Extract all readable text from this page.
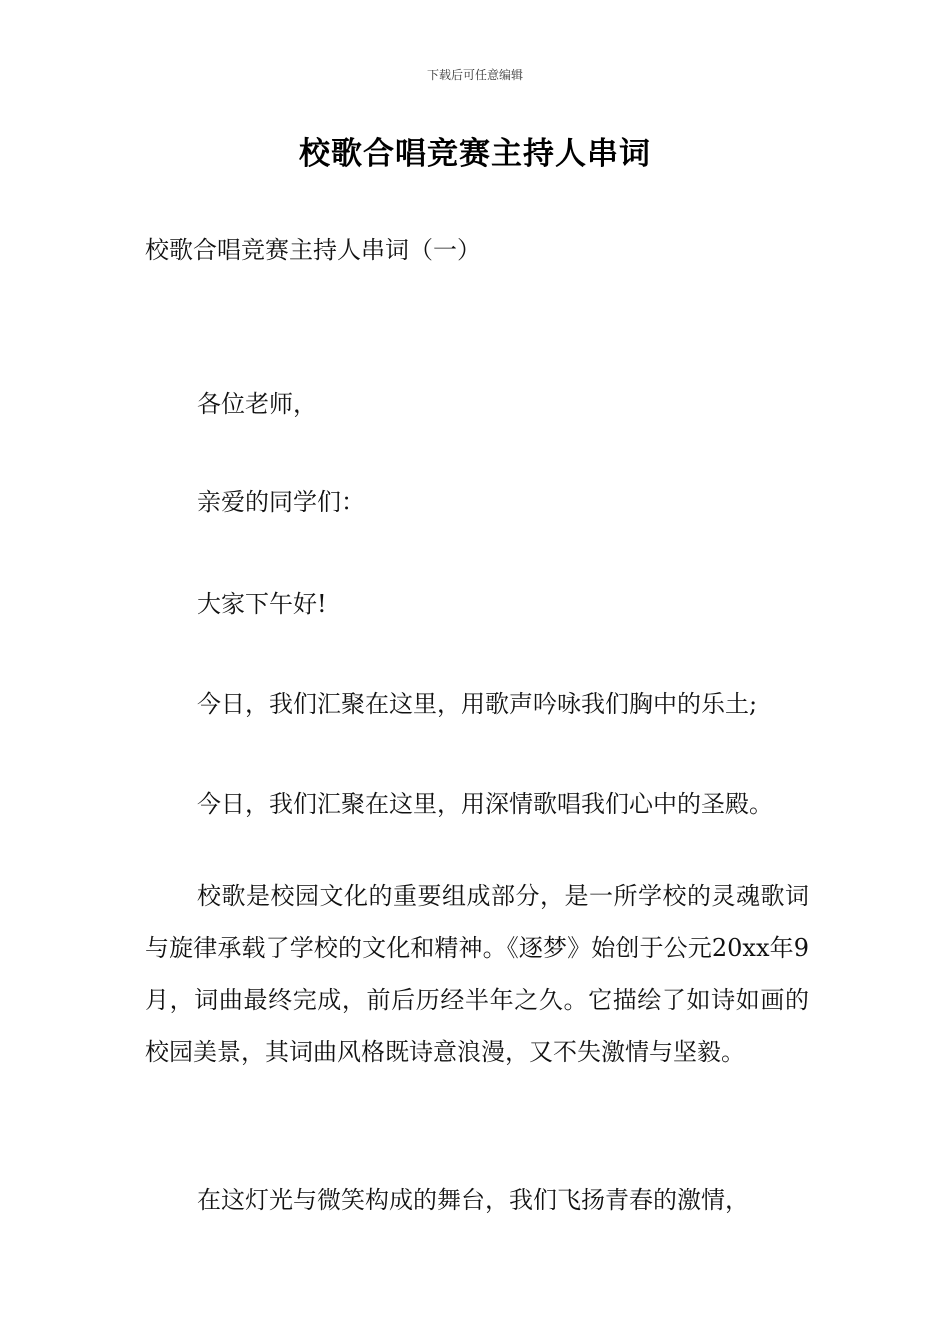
下载后可任意编辑
校歌合唱竞赛主持人串词
校歌合唱竞赛主持人串词（一）
各位老师，
亲爱的同学们：
大家下午好!
今日，我们汇聚在这里，用歌声吟咏我们胸中的乐土;
今日，我们汇聚在这里，用深情歌唱我们心中的圣殿。
校歌是校园文化的重要组成部分，是一所学校的灵魂歌词与旋律承载了学校的文化和精神。《逐梦》始创于公元20xx年9月，词曲最终完成，前后历经半年之久。它描绘了如诗如画的校园美景，其词曲风格既诗意浪漫，又不失激情与坚毅。
在这灯光与微笑构成的舞台，我们飞扬青春的激情，
